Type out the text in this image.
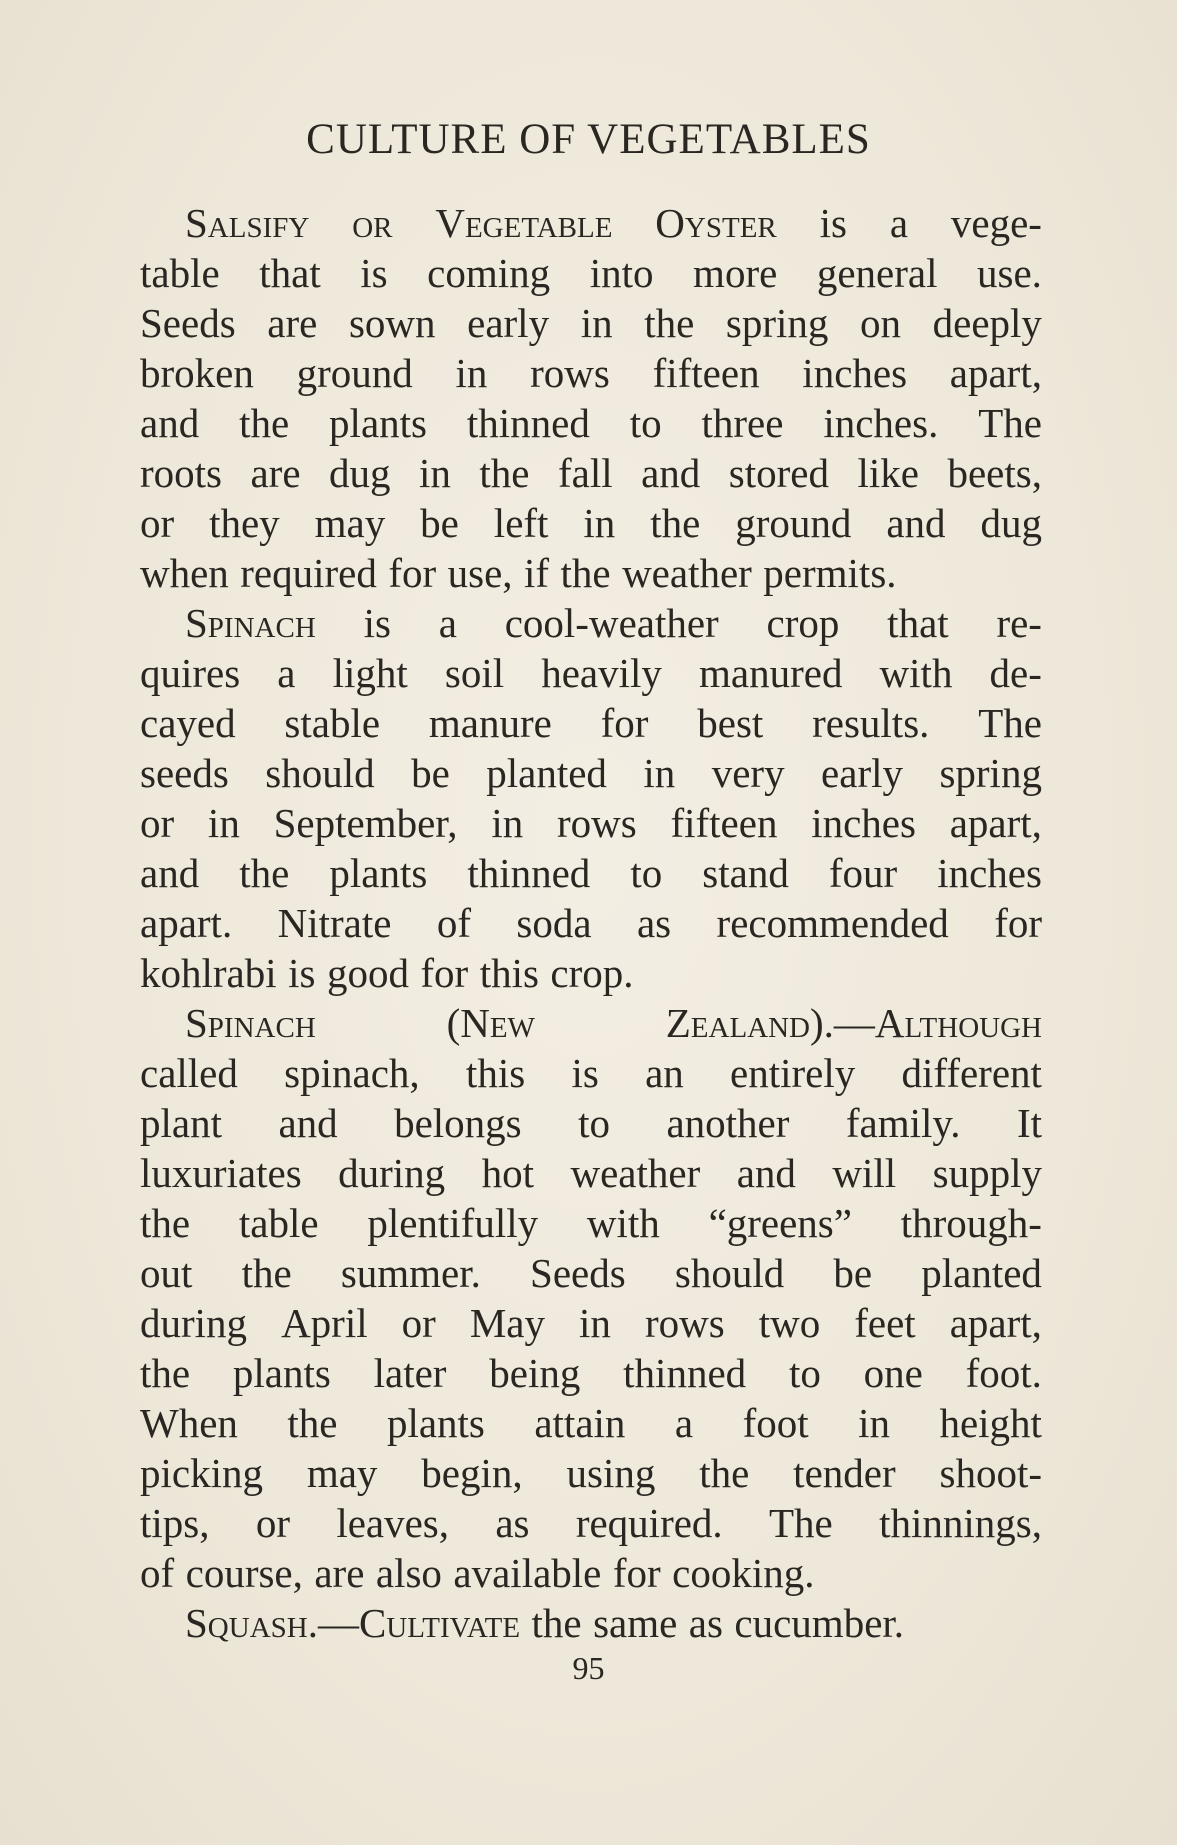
CULTURE OF VEGETABLES
Salsify or Vegetable Oyster is a vege-
table that is coming into more general use.
Seeds are sown early in the spring on deeply
broken ground in rows fifteen inches apart,
and the plants thinned to three inches. The
roots are dug in the fall and stored like beets,
or they may be left in the ground and dug
when required for use, if the weather permits.
Spinach is a cool-weather crop that re-
quires a light soil heavily manured with de-
cayed stable manure for best results. The
seeds should be planted in very early spring
or in September, in rows fifteen inches apart,
and the plants thinned to stand four inches
apart. Nitrate of soda as recommended for
kohlrabi is good for this crop.
Spinach	(New	Zealand).—Although
called spinach, this is an entirely different
plant and belongs to another family. It
luxuriates during hot weather and will supply
the table plentifully with “greens” through-
out the summer. Seeds should be planted
during April or May in rows two feet apart,
the plants later being thinned to one foot.
When the plants attain a foot in height
picking may begin, using the tender shoot-
tips, or leaves, as required. The thinnings,
of course, are also available for cooking.
Squash.—Cultivate the same as cucumber.
95
